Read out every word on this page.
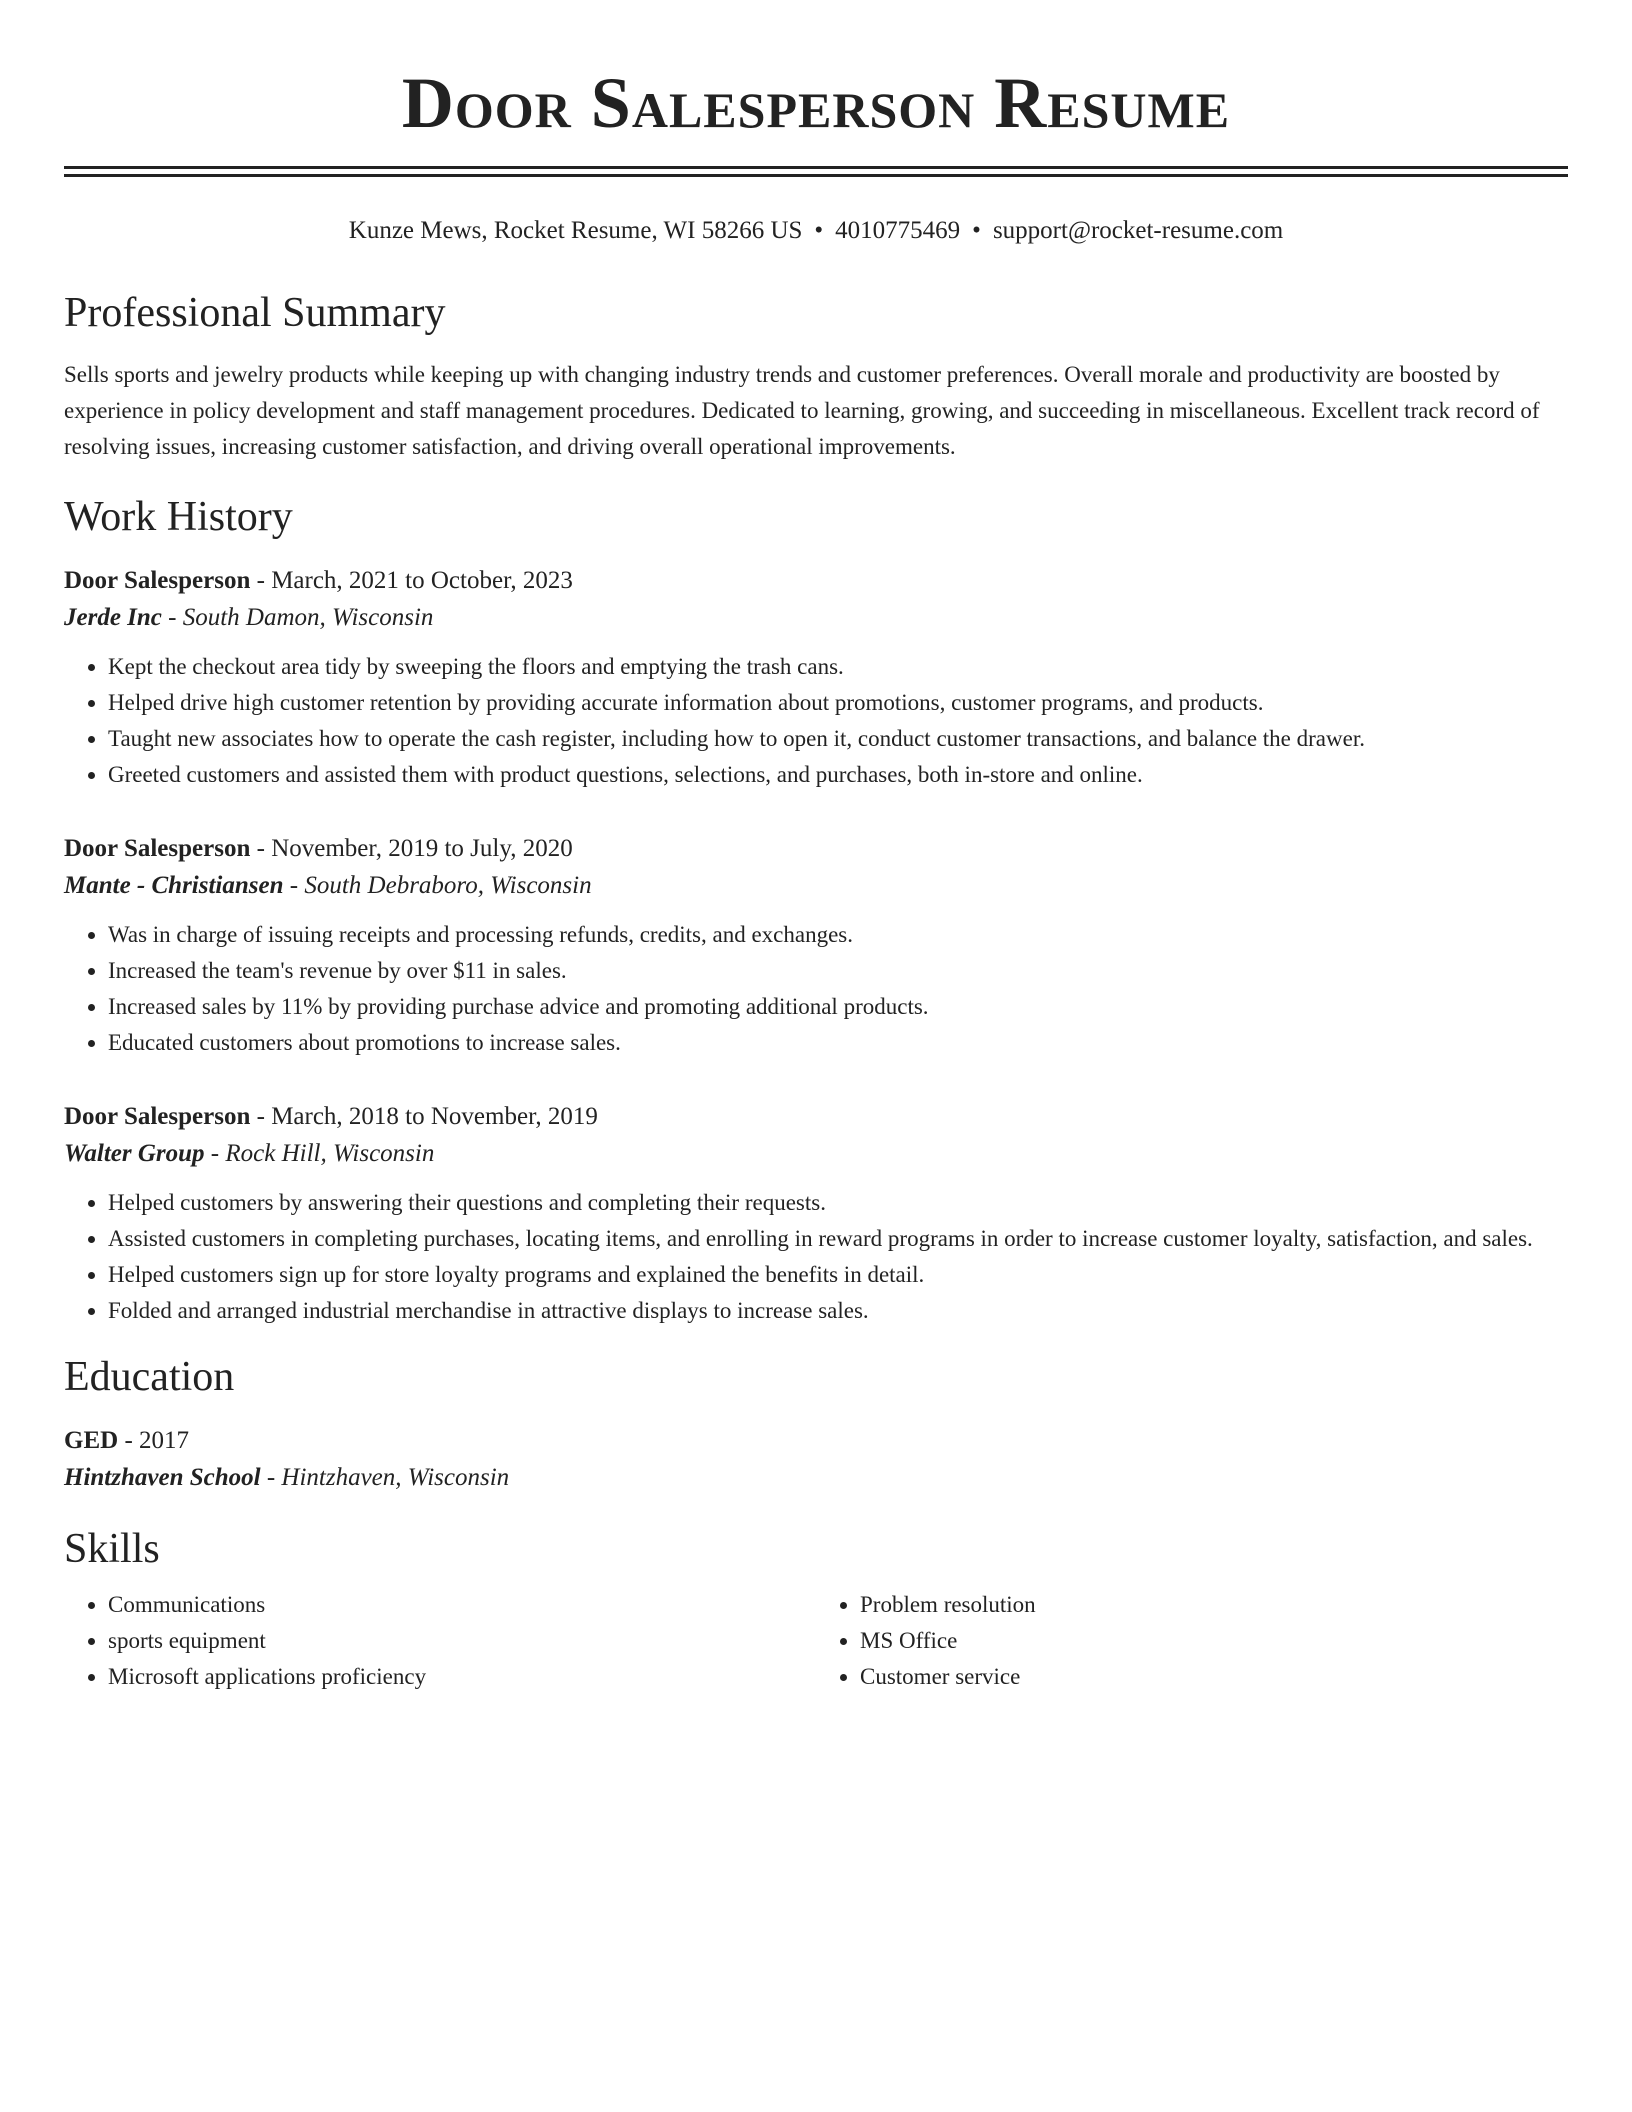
Door Salesperson Resume
Kunze Mews, Rocket Resume, WI 58266 US • 4010775469 • support@rocket-resume.com
Professional Summary

Sells sports and jewelry products while keeping up with changing industry trends and customer preferences. Overall morale and productivity are boosted by experience in policy development and staff management procedures. Dedicated to learning, growing, and succeeding in miscellaneous. Excellent track record of resolving issues, increasing customer satisfaction, and driving overall operational improvements.

Work History
Door Salesperson - March, 2021 to October, 2023
Jerde Inc - South Damon, Wisconsin
• Kept the checkout area tidy by sweeping the floors and emptying the trash cans.
• Helped drive high customer retention by providing accurate information about promotions, customer programs, and products.
• Taught new associates how to operate the cash register, including how to open it, conduct customer transactions, and balance the drawer.
• Greeted customers and assisted them with product questions, selections, and purchases, both in-store and online.
Door Salesperson - November, 2019 to July, 2020
Mante - Christiansen - South Debraboro, Wisconsin
• Was in charge of issuing receipts and processing refunds, credits, and exchanges.
• Increased the team's revenue by over $11 in sales.
• Increased sales by 11% by providing purchase advice and promoting additional products.
• Educated customers about promotions to increase sales.
Door Salesperson - March, 2018 to November, 2019
Walter Group - Rock Hill, Wisconsin
• Helped customers by answering their questions and completing their requests.
• Assisted customers in completing purchases, locating items, and enrolling in reward programs in order to increase customer loyalty, satisfaction, and sales.
• Helped customers sign up for store loyalty programs and explained the benefits in detail.
• Folded and arranged industrial merchandise in attractive displays to increase sales.
Education
GED - 2017
Hintzhaven School - Hintzhaven, Wisconsin
Skills
• Communications
• sports equipment
• Microsoft applications proficiency
• Problem resolution
• MS Office
• Customer service
